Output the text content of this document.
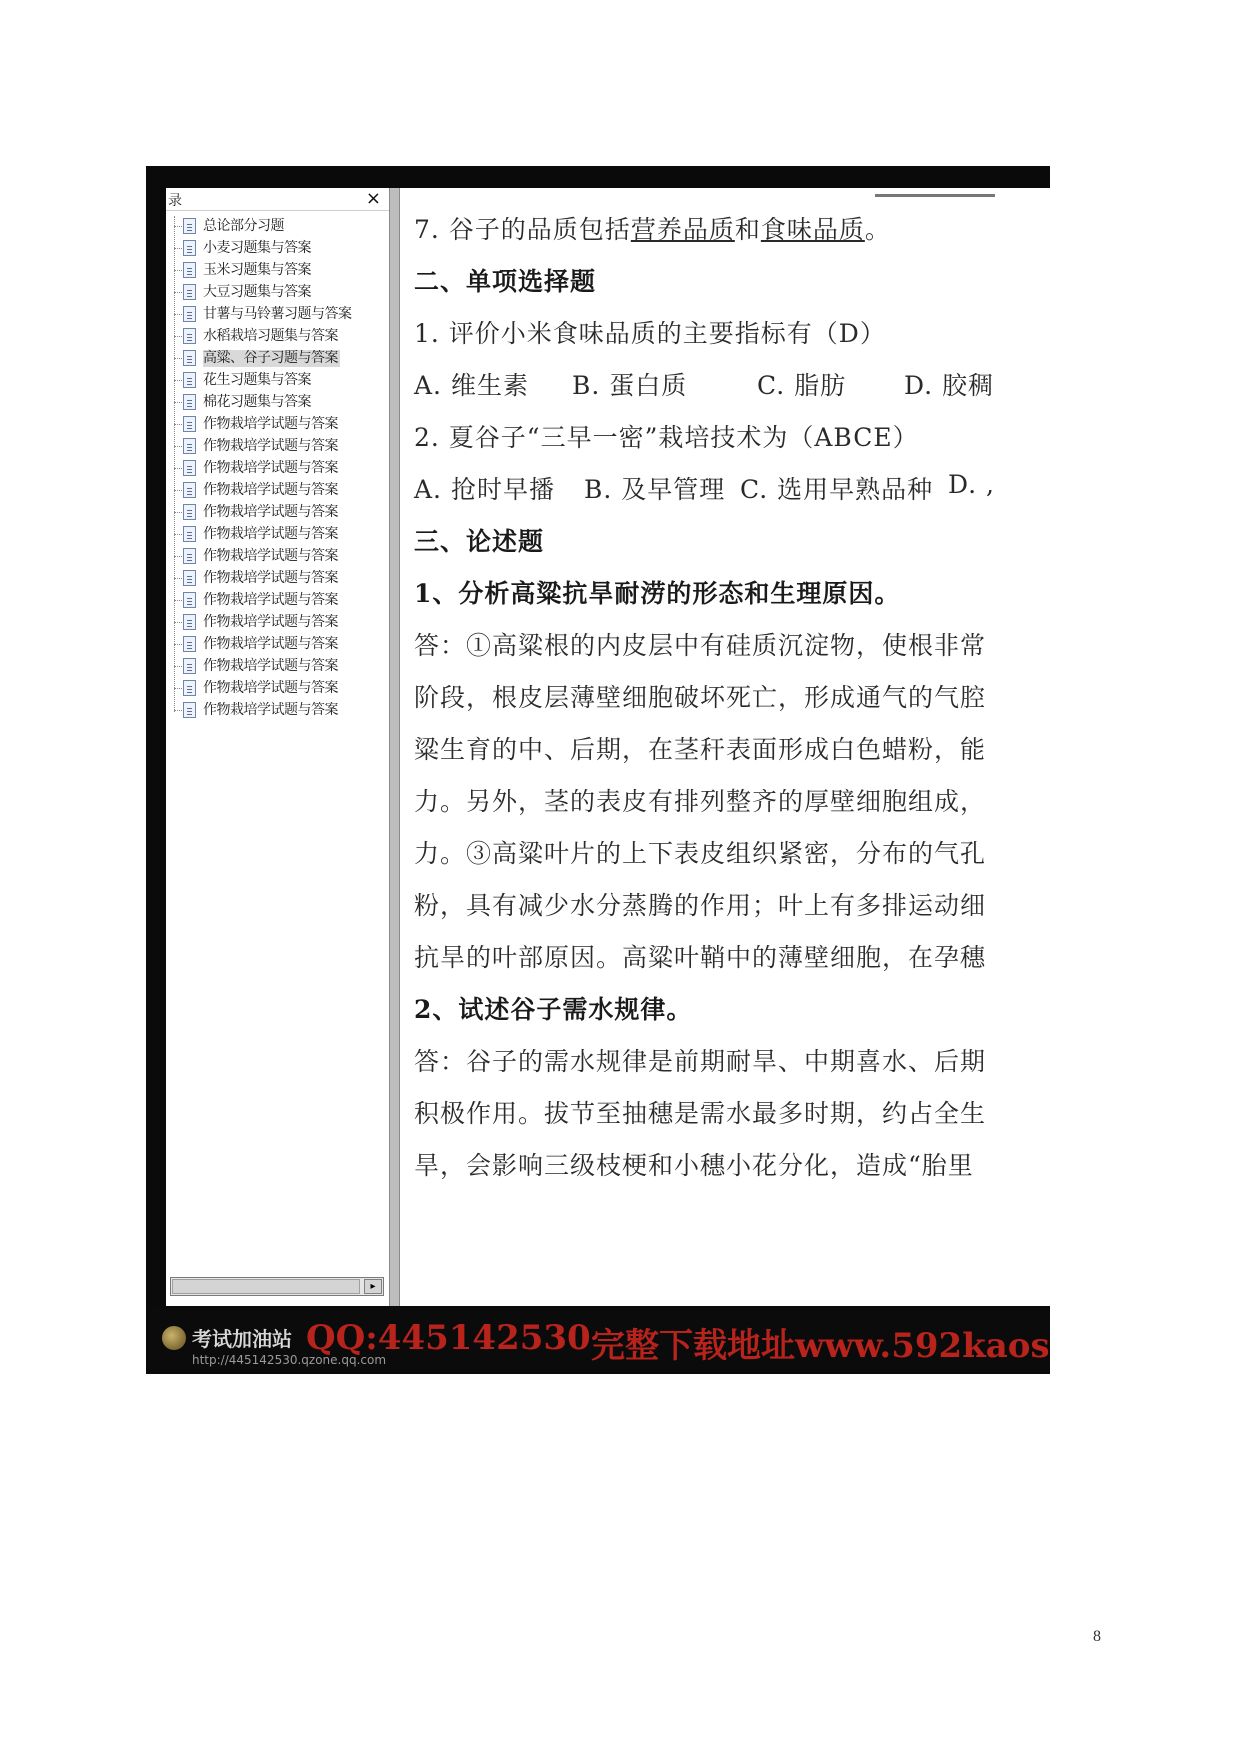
录	×
总论部分习题
小麦习题集与答案
玉米习题集与答案
大豆习题集与答案
甘薯与马铃薯习题与答案
水稻栽培习题集与答案
高粱、谷子习题与答案
花生习题集与答案
棉花习题集与答案
作物栽培学试题与答案
作物栽培学试题与答案
作物栽培学试题与答案
作物栽培学试题与答案
作物栽培学试题与答案
作物栽培学试题与答案
作物栽培学试题与答案
作物栽培学试题与答案
作物栽培学试题与答案
作物栽培学试题与答案
作物栽培学试题与答案
作物栽培学试题与答案
作物栽培学试题与答案
作物栽培学试题与答案
▸
7. 谷子的品质包括营养品质和食味品质。
二、单项选择题
1. 评价小米食味品质的主要指标有（D）
A. 维生素 B. 蛋白质	C. 脂肪 D. 胶稠
2. 夏谷子“三早一密”栽培技术为（ABCE）
A. 抢时早播 B. 及早管理 C. 选用早熟品种 D. ,
三、论述题
1、分析高粱抗旱耐涝的形态和生理原因。
答：①高粱根的内皮层中有硅质沉淀物，使根非常
阶段，根皮层薄壁细胞破坏死亡，形成通气的气腔
粱生育的中、后期，在茎秆表面形成白色蜡粉，能
力。另外，茎的表皮有排列整齐的厚壁细胞组成，
力。③高粱叶片的上下表皮组织紧密，分布的气孔
粉，具有减少水分蒸腾的作用；叶上有多排运动细
抗旱的叶部原因。高粱叶鞘中的薄壁细胞，在孕穗
2、试述谷子需水规律。
答：谷子的需水规律是前期耐旱、中期喜水、后期
积极作用。拔节至抽穗是需水最多时期，约占全生
旱，会影响三级枝梗和小穗小花分化，造成“胎里
考试加油站
http://445142530.qzone.qq.com
QQ:445142530 完整下载地址www.592kaos
8
